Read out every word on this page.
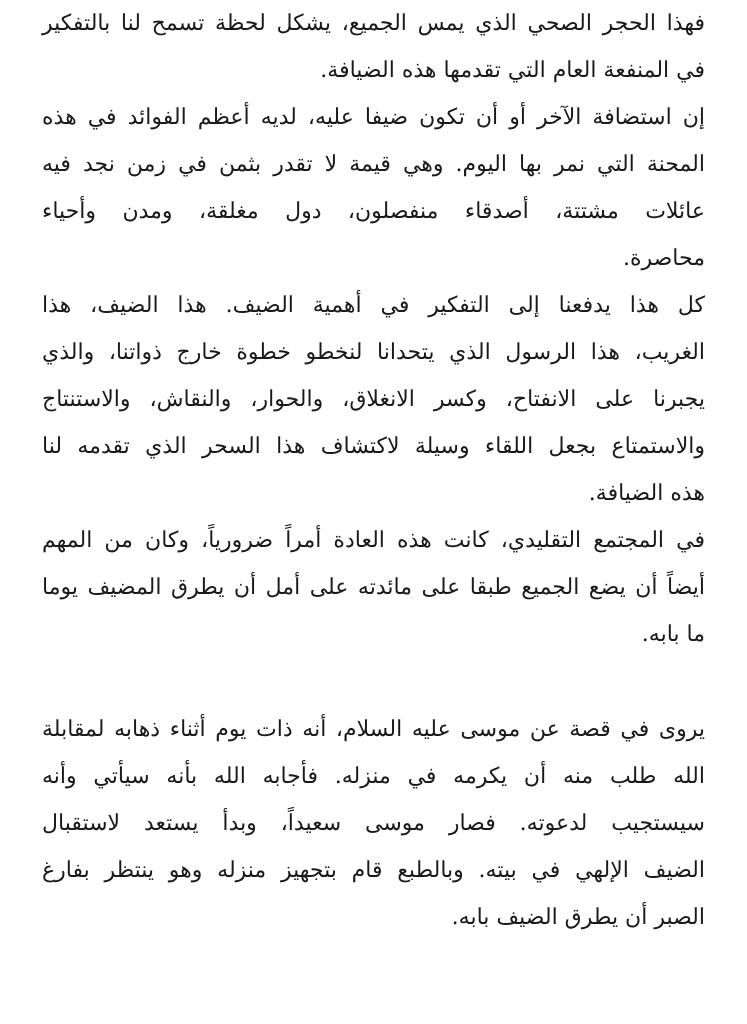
فهذا الحجر الصحي الذي يمس الجميع، يشكل لحظة تسمح لنا بالتفكير
في المنفعة العام التي تقدمها هذه الضيافة.
إن استضافة الآخر أو أن تكون ضيفا عليه، لديه أعظم الفوائد في هذه
المحنة التي نمر بها اليوم. وهي قيمة لا تقدر بثمن في زمن نجد فيه
عائلات مشتتة، أصدقاء منفصلون، دول مغلقة، ومدن وأحياء
محاصرة.
كل هذا يدفعنا إلى التفكير في أهمية الضيف. هذا الضيف، هذا
الغريب، هذا الرسول الذي يتحدانا لنخطو خطوة خارج ذواتنا، والذي
يجبرنا على الانفتاح، وكسر الانغلاق، والحوار، والنقاش، والاستنتاج
والاستمتاع بجعل اللقاء وسيلة لاكتشاف هذا السحر الذي تقدمه لنا
هذه الضيافة.
في المجتمع التقليدي، كانت هذه العادة أمراً ضرورياً، وكان من المهم
أيضاً أن يضع الجميع طبقا على مائدته على أمل أن يطرق المضيف يوما
ما بابه.
يروى في قصة عن موسى عليه السلام، أنه ذات يوم أثناء ذهابه لمقابلة
الله طلب منه أن يكرمه في منزله. فأجابه الله بأنه سيأتي وأنه
سيستجيب لدعوته. فصار موسى سعيداً، وبدأ يستعد لاستقبال
الضيف الإلهي في بيته. وبالطبع قام بتجهيز منزله وهو ينتظر بفارغ
الصبر أن يطرق الضيف بابه.
